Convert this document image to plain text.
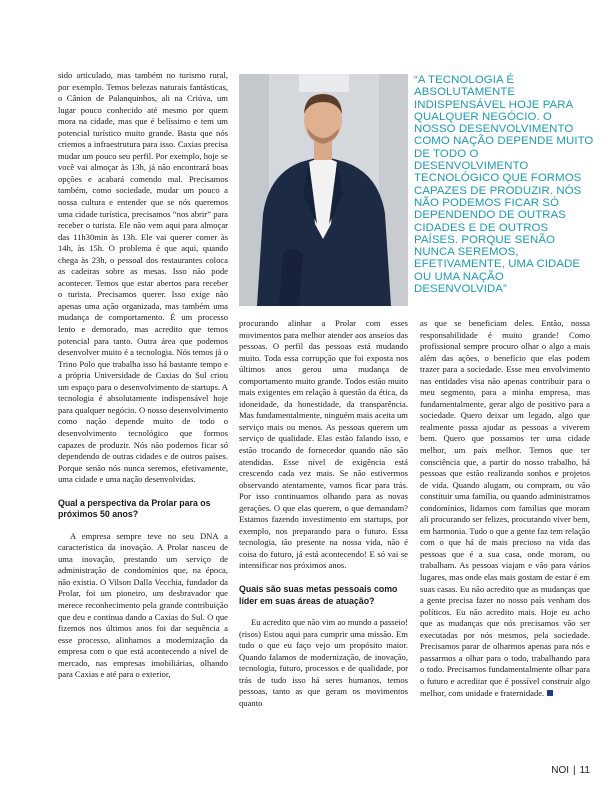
sido articulado, mas também no turismo rural, por exemplo. Temos belezas naturais fantásticas, o Cânion de Palanquinhos, ali na Criúva, um lugar pouco conhecido até mesmo por quem mora na cidade, mas que é belíssimo e tem um potencial turístico muito grande. Basta que nós criemos a infraestrutura para isso. Caxias precisa mudar um pouco seu perfil. Por exemplo, hoje se você vai almoçar às 13h, já não encontrará boas opções e acabará comendo mal. Precisamos também, como sociedade, mudar um pouco a nossa cultura e entender que se nós queremos uma cidade turística, precisamos “nos abrir” para receber o turista. Ele não vem aqui para almoçar das 11h30min às 13h. Ele vai querer comer às 14h, às 15h. O problema é que aqui, quando chega às 23h, o pessoal dos restaurantes coloca as cadeiras sobre as mesas. Isso não pode acontecer. Temos que estar abertos para receber o turista. Precisamos querer. Isso exige não apenas uma ação organizada, mas também uma mudança de comportamento. É um processo lento e demorado, mas acredito que temos potencial para tanto. Outra área que podemos desenvolver muito é a tecnologia. Nós temos já o Trino Polo que trabalha isso há bastante tempo e a própria Universidade de Caxias do Sul criou um espaço para o desenvolvimento de startups. A tecnologia é absolutamente indispensável hoje para qualquer negócio. O nosso desenvolvimento como nação depende muito de todo o desenvolvimento tecnológico que formos capazes de produzir. Nós não podemos ficar só dependendo de outras cidades e de outros países. Porque senão nós nunca seremos, efetivamente, uma cidade e uma nação desenvolvidas.

Qual a perspectiva da Prolar para os próximos 50 anos?

A empresa sempre teve no seu DNA a característica da inovação. A Prolar nasceu de uma inovação, prestando um serviço de administração de condomínios que, na época, não existia. O Vilson Dalla Vecchia, fundador da Prolar, foi um pioneiro, um desbravador que merece reconhecimento pela grande contribuição que deu e continua dando a Caxias do Sul. O que fizemos nos últimos anos foi dar sequência a esse processo, alinhamos a modernização da empresa com o que está acontecendo a nível de mercado, nas empresas imobiliárias, olhando para Caxias e até para o exterior,

“A TECNOLOGIA É ABSOLUTAMENTE INDISPENSÁVEL HOJE PARA QUALQUER NEGÓCIO. O NOSSO DESENVOLVIMENTO COMO NAÇÃO DEPENDE MUITO DE TODO O DESENVOLVIMENTO TECNOLÓGICO QUE FORMOS CAPAZES DE PRODUZIR. NÓS NÃO PODEMOS FICAR SÓ DEPENDENDO DE OUTRAS CIDADES E DE OUTROS PAÍSES. PORQUE SENÃO NUNCA SEREMOS, EFETIVAMENTE, UMA CIDADE OU UMA NAÇÃO DESENVOLVIDA”

procurando alinhar a Prolar com esses movimentos para melhor atender aos anseios das pessoas. O perfil das pessoas está mudando muito. Toda essa corrupção que foi exposta nos últimos anos gerou uma mudança de comportamento muito grande. Todos estão muito mais exigentes em relação à questão da ética, da idoneidade, da honestidade, da transparência. Mas fundamentalmente, ninguém mais aceita um serviço mais ou menos. As pessoas querem um serviço de qualidade. Elas estão falando isso, e estão trocando de fornecedor quando não são atendidas. Esse nível de exigência está crescendo cada vez mais. Se não estivermos observando atentamente, vamos ficar para trás. Por isso continuamos olhando para as novas gerações. O que elas querem, o que demandam? Estamos fazendo investimento em startups, por exemplo, nos preparando para o futuro. Essa tecnologia, tão presente na nossa vida, não é coisa do futuro, já está acontecendo! E só vai se intensificar nos próximos anos.

Quais são suas metas pessoais como líder em suas áreas de atuação?

Eu acredito que não vim ao mundo a passeio! (risos) Estou aqui para cumprir uma missão. Em tudo o que eu faço vejo um propósito maior. Quando falamos de modernização, de inovação, tecnologia, futuro, processos e de qualidade, por trás de tudo isso há seres humanos, temos pessoas, tanto as que geram os movimentos quanto

as que se beneficiam deles. Então, nossa responsabilidade é muito grande! Como profissional sempre procuro olhar o algo a mais além das ações, o benefício que elas podem trazer para a sociedade. Esse meu envolvimento nas entidades visa não apenas contribuir para o meu segmento, para a minha empresa, mas fundamentalmente, gerar algo de positivo para a sociedade. Quero deixar um legado, algo que realmente possa ajudar as pessoas a viverem bem. Quero que possamos ter uma cidade melhor, um país melhor. Temos que ter consciência que, a partir do nosso trabalho, há pessoas que estão realizando sonhos e projetos de vida. Quando alugam, ou compram, ou vão constituir uma família, ou quando administramos condomínios, lidamos com famílias que moram ali procurando ser felizes, procurando viver bem, em harmonia. Tudo o que a gente faz tem relação com o que há de mais precioso na vida das pessoas que é a sua casa, onde moram, ou trabalham. As pessoas viajam e vão para vários lugares, mas onde elas mais gostam de estar é em suas casas. Eu não acredito que as mudanças que a gente precisa fazer no nosso país venham dos políticos. Eu não acredito mais. Hoje eu acho que as mudanças que nós precisamos vão ser executadas por nós mesmos, pela sociedade. Precisamos parar de olharmos apenas para nós e passarmos a olhar para o todo, trabalhando para o todo. Precisamos fundamentalmente olhar para o futuro e acreditar que é possível construir algo melhor, com unidade e fraternidade.

NOI | 11
